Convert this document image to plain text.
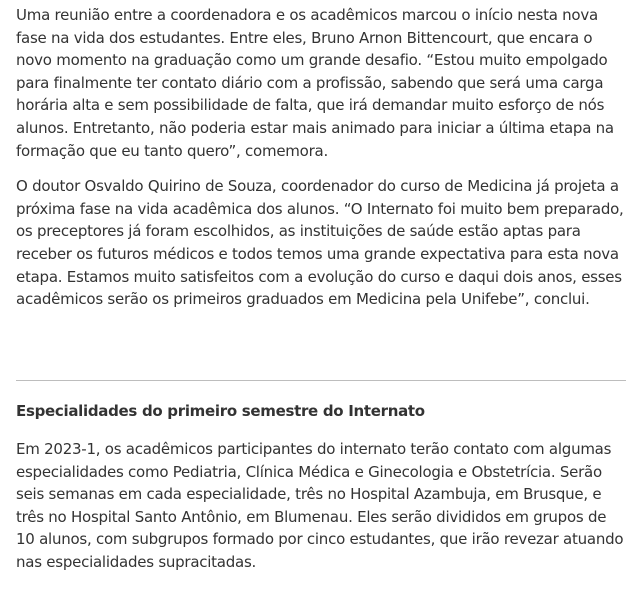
Uma reunião entre a coordenadora e os acadêmicos marcou o início nesta nova fase na vida dos estudantes. Entre eles, Bruno Arnon Bittencourt, que encara o novo momento na graduação como um grande desafio. “Estou muito empolgado para finalmente ter contato diário com a profissão, sabendo que será uma carga horária alta e sem possibilidade de falta, que irá demandar muito esforço de nós alunos. Entretanto, não poderia estar mais animado para iniciar a última etapa na formação que eu tanto quero”, comemora.

O doutor Osvaldo Quirino de Souza, coordenador do curso de Medicina já projeta a próxima fase na vida acadêmica dos alunos. “O Internato foi muito bem preparado, os preceptores já foram escolhidos, as instituições de saúde estão aptas para receber os futuros médicos e todos temos uma grande expectativa para esta nova etapa. Estamos muito satisfeitos com a evolução do curso e daqui dois anos, esses acadêmicos serão os primeiros graduados em Medicina pela Unifebe”, conclui.

Especialidades do primeiro semestre do Internato

Em 2023-1, os acadêmicos participantes do internato terão contato com algumas especialidades como Pediatria, Clínica Médica e Ginecologia e Obstetrícia. Serão seis semanas em cada especialidade, três no Hospital Azambuja, em Brusque, e três no Hospital Santo Antônio, em Blumenau. Eles serão divididos em grupos de 10 alunos, com subgrupos formado por cinco estudantes, que irão revezar atuando nas especialidades supracitadas.
